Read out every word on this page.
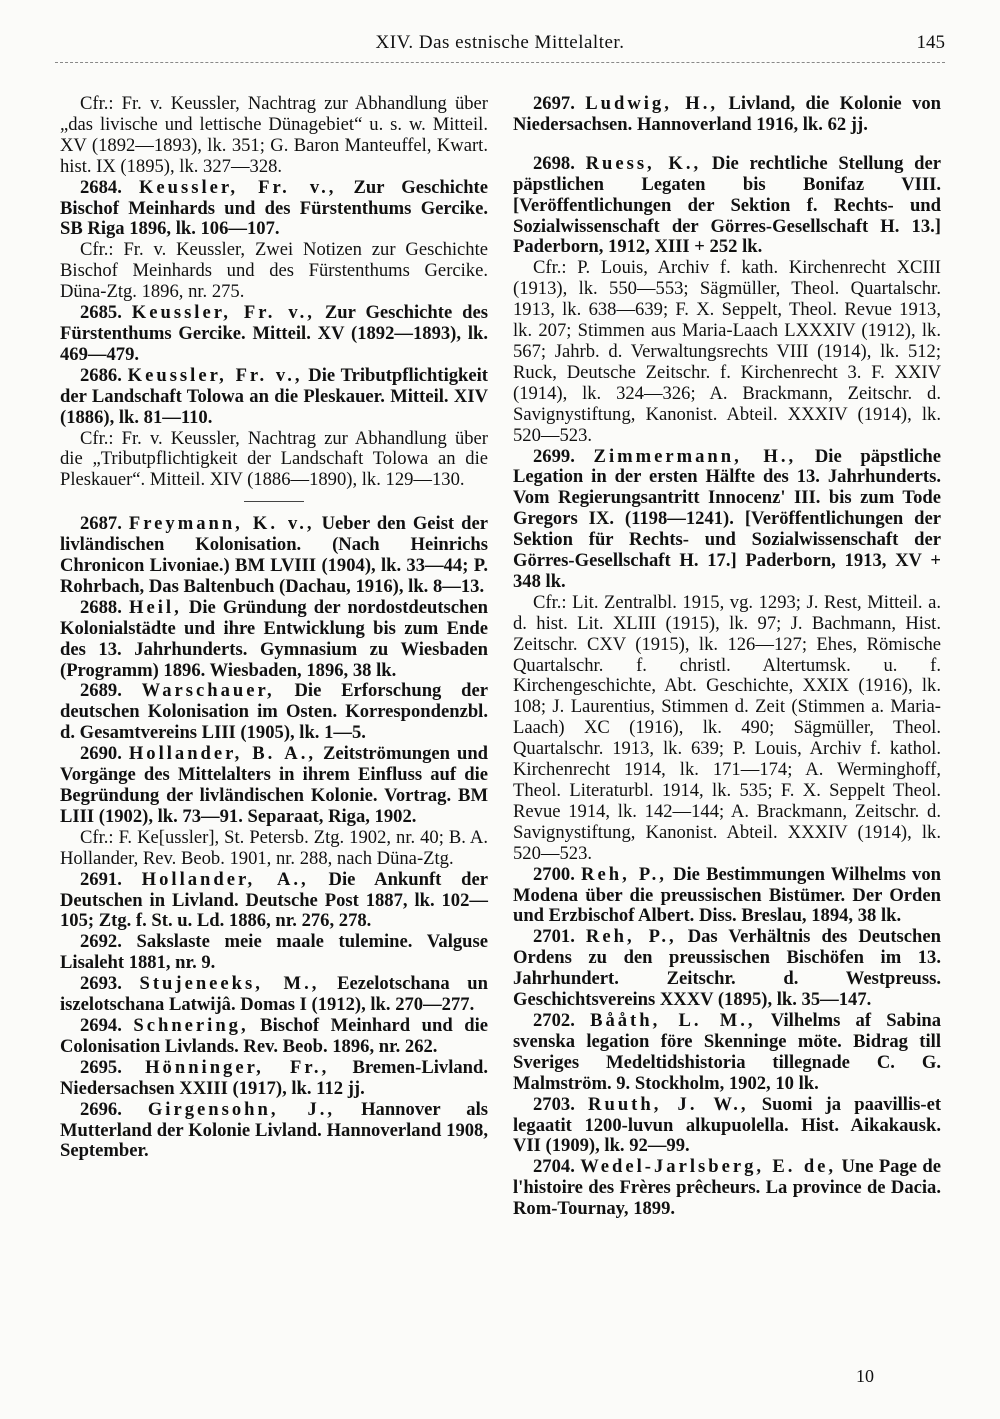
XIV. Das estnische Mittelalter.	145

Cfr.: Fr. v. Keussler, Nachtrag zur Abhandlung über „das livische und lettische Dünagebiet“ u. s. w. Mitteil. XV (1892—1893), lk. 351; G. Baron Manteuffel, Kwart. hist. IX (1895), lk. 327—328.

2684. Keussler, Fr. v., Zur Geschichte Bischof Meinhards und des Fürstenthums Gercike. SB Riga 1896, lk. 106—107.

Cfr.: Fr. v. Keussler, Zwei Notizen zur Geschichte Bischof Meinhards und des Fürstenthums Gercike. Düna-Ztg. 1896, nr. 275.

2685. Keussler, Fr. v., Zur Geschichte des Fürstenthums Gercike. Mitteil. XV (1892—1893), lk. 469—479.

2686. Keussler, Fr. v., Die Tributpflichtigkeit der Landschaft Tolowa an die Pleskauer. Mitteil. XIV (1886), lk. 81—110.

Cfr.: Fr. v. Keussler, Nachtrag zur Abhandlung über die „Tributpflichtigkeit der Landschaft Tolowa an die Pleskauer“. Mitteil. XIV (1886—1890), lk. 129—130.

2687. Freymann, K. v., Ueber den Geist der livländischen Kolonisation. (Nach Heinrichs Chronicon Livoniae.) BM LVIII (1904), lk. 33—44; P. Rohrbach, Das Baltenbuch (Dachau, 1916), lk. 8—13.

2688. Heil, Die Gründung der nordostdeutschen Kolonialstädte und ihre Entwicklung bis zum Ende des 13. Jahrhunderts. Gymnasium zu Wiesbaden (Programm) 1896. Wiesbaden, 1896, 38 lk.

2689. Warschauer, Die Erforschung der deutschen Kolonisation im Osten. Korrespondenzbl. d. Gesamtvereins LIII (1905), lk. 1—5.

2690. Hollander, B. A., Zeitströmungen und Vorgänge des Mittelalters in ihrem Einfluss auf die Begründung der livländischen Kolonie. Vortrag. BM LIII (1902), lk. 73—91. Separaat, Riga, 1902.

Cfr.: F. Ke[ussler], St. Petersb. Ztg. 1902, nr. 40; B. A. Hollander, Rev. Beob. 1901, nr. 288, nach Düna-Ztg.

2691. Hollander, A., Die Ankunft der Deutschen in Livland. Deutsche Post 1887, lk. 102—105; Ztg. f. St. u. Ld. 1886, nr. 276, 278.

2692. Sakslaste meie maale tulemine. Valguse Lisaleht 1881, nr. 9.

2693. Stujeneeks, M., Eezelotschana un iszelotschana Latwijâ. Domas I (1912), lk. 270—277.

2694. Schnering, Bischof Meinhard und die Colonisation Livlands. Rev. Beob. 1896, nr. 262.

2695. Hönninger, Fr., Bremen-Livland. Niedersachsen XXIII (1917), lk. 112 jj.

2696. Girgensohn, J., Hannover als Mutterland der Kolonie Livland. Hannoverland 1908, September.

2697. Ludwig, H., Livland, die Kolonie von Niedersachsen. Hannoverland 1916, lk. 62 jj.

2698. Ruess, K., Die rechtliche Stellung der päpstlichen Legaten bis Bonifaz VIII. [Veröffentlichungen der Sektion f. Rechts- und Sozialwissenschaft der Görres-Gesellschaft H. 13.] Paderborn, 1912, XIII + 252 lk.

Cfr.: P. Louis, Archiv f. kath. Kirchenrecht XCIII (1913), lk. 550—553; Sägmüller, Theol. Quartalschr. 1913, lk. 638—639; F. X. Seppelt, Theol. Revue 1913, lk. 207; Stimmen aus Maria-Laach LXXXIV (1912), lk. 567; Jahrb. d. Verwaltungsrechts VIII (1914), lk. 512; Ruck, Deutsche Zeitschr. f. Kirchenrecht 3. F. XXIV (1914), lk. 324—326; A. Brackmann, Zeitschr. d. Savignystiftung, Kanonist. Abteil. XXXIV (1914), lk. 520—523.

2699. Zimmermann, H., Die päpstliche Legation in der ersten Hälfte des 13. Jahrhunderts. Vom Regierungsantritt Innocenz' III. bis zum Tode Gregors IX. (1198—1241). [Veröffentlichungen der Sektion für Rechts- und Sozialwissenschaft der Görres-Gesellschaft H. 17.] Paderborn, 1913, XV + 348 lk.

Cfr.: Lit. Zentralbl. 1915, vg. 1293; J. Rest, Mitteil. a. d. hist. Lit. XLIII (1915), lk. 97; J. Bachmann, Hist. Zeitschr. CXV (1915), lk. 126—127; Ehes, Römische Quartalschr. f. christl. Altertumsk. u. f. Kirchengeschichte, Abt. Geschichte, XXIX (1916), lk. 108; J. Laurentius, Stimmen d. Zeit (Stimmen a. Maria-Laach) XC (1916), lk. 490; Sägmüller, Theol. Quartalschr. 1913, lk. 639; P. Louis, Archiv f. kathol. Kirchenrecht 1914, lk. 171—174; A. Werminghoff, Theol. Literaturbl. 1914, lk. 535; F. X. Seppelt Theol. Revue 1914, lk. 142—144; A. Brackmann, Zeitschr. d. Savignystiftung, Kanonist. Abteil. XXXIV (1914), lk. 520—523.

2700. Reh, P., Die Bestimmungen Wilhelms von Modena über die preussischen Bistümer. Der Orden und Erzbischof Albert. Diss. Breslau, 1894, 38 lk.

2701. Reh, P., Das Verhältnis des Deutschen Ordens zu den preussischen Bischöfen im 13. Jahrhundert. Zeitschr. d. Westpreuss. Geschichtsvereins XXXV (1895), lk. 35—147.

2702. Bååth, L. M., Vilhelms af Sabina svenska legation före Skenninge möte. Bidrag till Sveriges Medeltidshistoria tillegnade C. G. Malmström. 9. Stockholm, 1902, 10 lk.

2703. Ruuth, J. W., Suomi ja paavillis‑et legaatit 1200-luvun alkupuolella. Hist. Aikakausk. VII (1909), lk. 92—99.

2704. Wedel-Jarlsberg, E. de, Une Page de l'histoire des Frères prêcheurs. La province de Dacia. Rom-Tournay, 1899.

10
